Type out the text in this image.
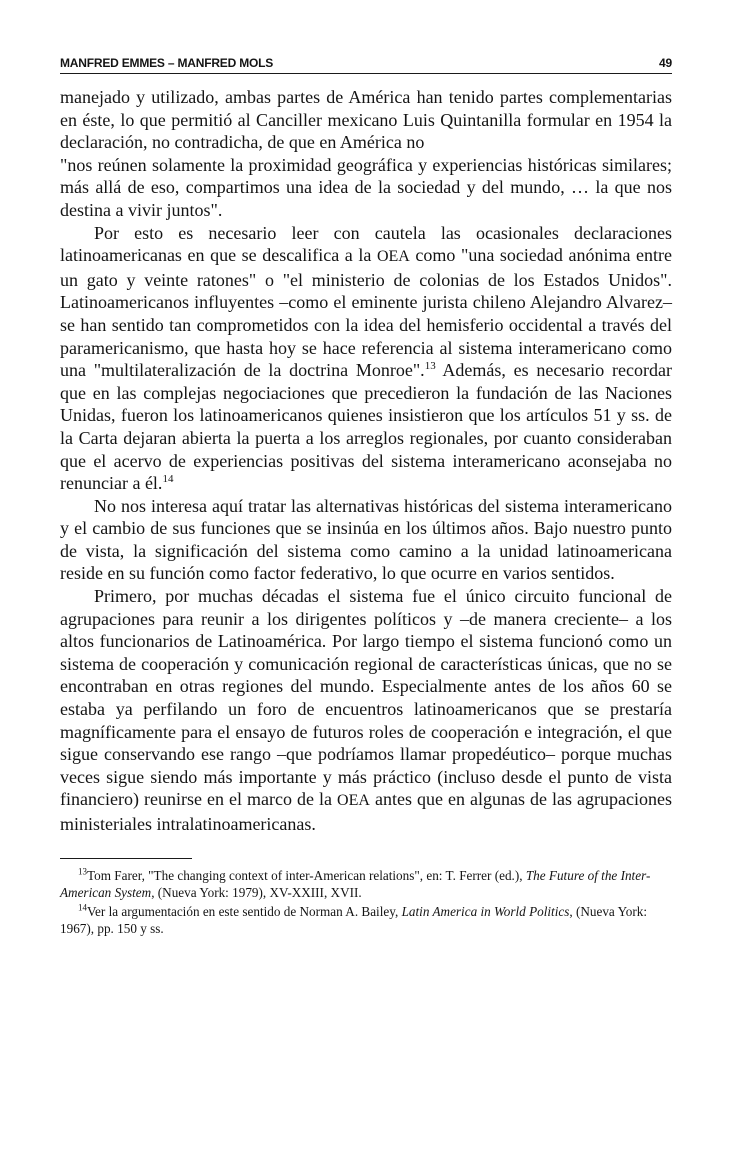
MANFRED EMMES – MANFRED MOLS	49

manejado y utilizado, ambas partes de América han tenido partes complementarias en éste, lo que permitió al Canciller mexicano Luis Quintanilla formular en 1954 la declaración, no contradicha, de que en América no

"nos reúnen solamente la proximidad geográfica y experiencias históricas similares; más allá de eso, compartimos una idea de la sociedad y del mundo, … la que nos destina a vivir juntos".

Por esto es necesario leer con cautela las ocasionales declaraciones latinoamericanas en que se descalifica a la OEA como "una sociedad anónima entre un gato y veinte ratones" o "el ministerio de colonias de los Estados Unidos". Latinoamericanos influyentes –como el eminente jurista chileno Alejandro Alvarez– se han sentido tan comprometidos con la idea del hemisferio occidental a través del paramericanismo, que hasta hoy se hace referencia al sistema interamericano como una "multilateralización de la doctrina Monroe".$^{13}$ Además, es necesario recordar que en las complejas negociaciones que precedieron la fundación de las Naciones Unidas, fueron los latinoamericanos quienes insistieron que los artículos 51 y ss. de la Carta dejaran abierta la puerta a los arreglos regionales, por cuanto consideraban que el acervo de experiencias positivas del sistema interamericano aconsejaba no renunciar a él.$^{14}$

No nos interesa aquí tratar las alternativas históricas del sistema interamericano y el cambio de sus funciones que se insinúa en los últimos años. Bajo nuestro punto de vista, la significación del sistema como camino a la unidad latinoamericana reside en su función como factor federativo, lo que ocurre en varios sentidos.

Primero, por muchas décadas el sistema fue el único circuito funcional de agrupaciones para reunir a los dirigentes políticos y –de manera creciente– a los altos funcionarios de Latinoamérica. Por largo tiempo el sistema funcionó como un sistema de cooperación y comunicación regional de características únicas, que no se encontraban en otras regiones del mundo. Especialmente antes de los años 60 se estaba ya perfilando un foro de encuentros latinoamericanos que se prestaría magníficamente para el ensayo de futuros roles de cooperación e integración, el que sigue conservando ese rango –que podríamos llamar propedéutico– porque muchas veces sigue siendo más importante y más práctico (incluso desde el punto de vista financiero) reunirse en el marco de la OEA antes que en algunas de las agrupaciones ministeriales intralatinoamericanas.

$^{13}$Tom Farer, "The changing context of inter-American relations", en: T. Ferrer (ed.), The Future of the Inter-American System, (Nueva York: 1979), XV-XXIII, XVII.

$^{14}$Ver la argumentación en este sentido de Norman A. Bailey, Latin America in World Politics, (Nueva York: 1967), pp. 150 y ss.
